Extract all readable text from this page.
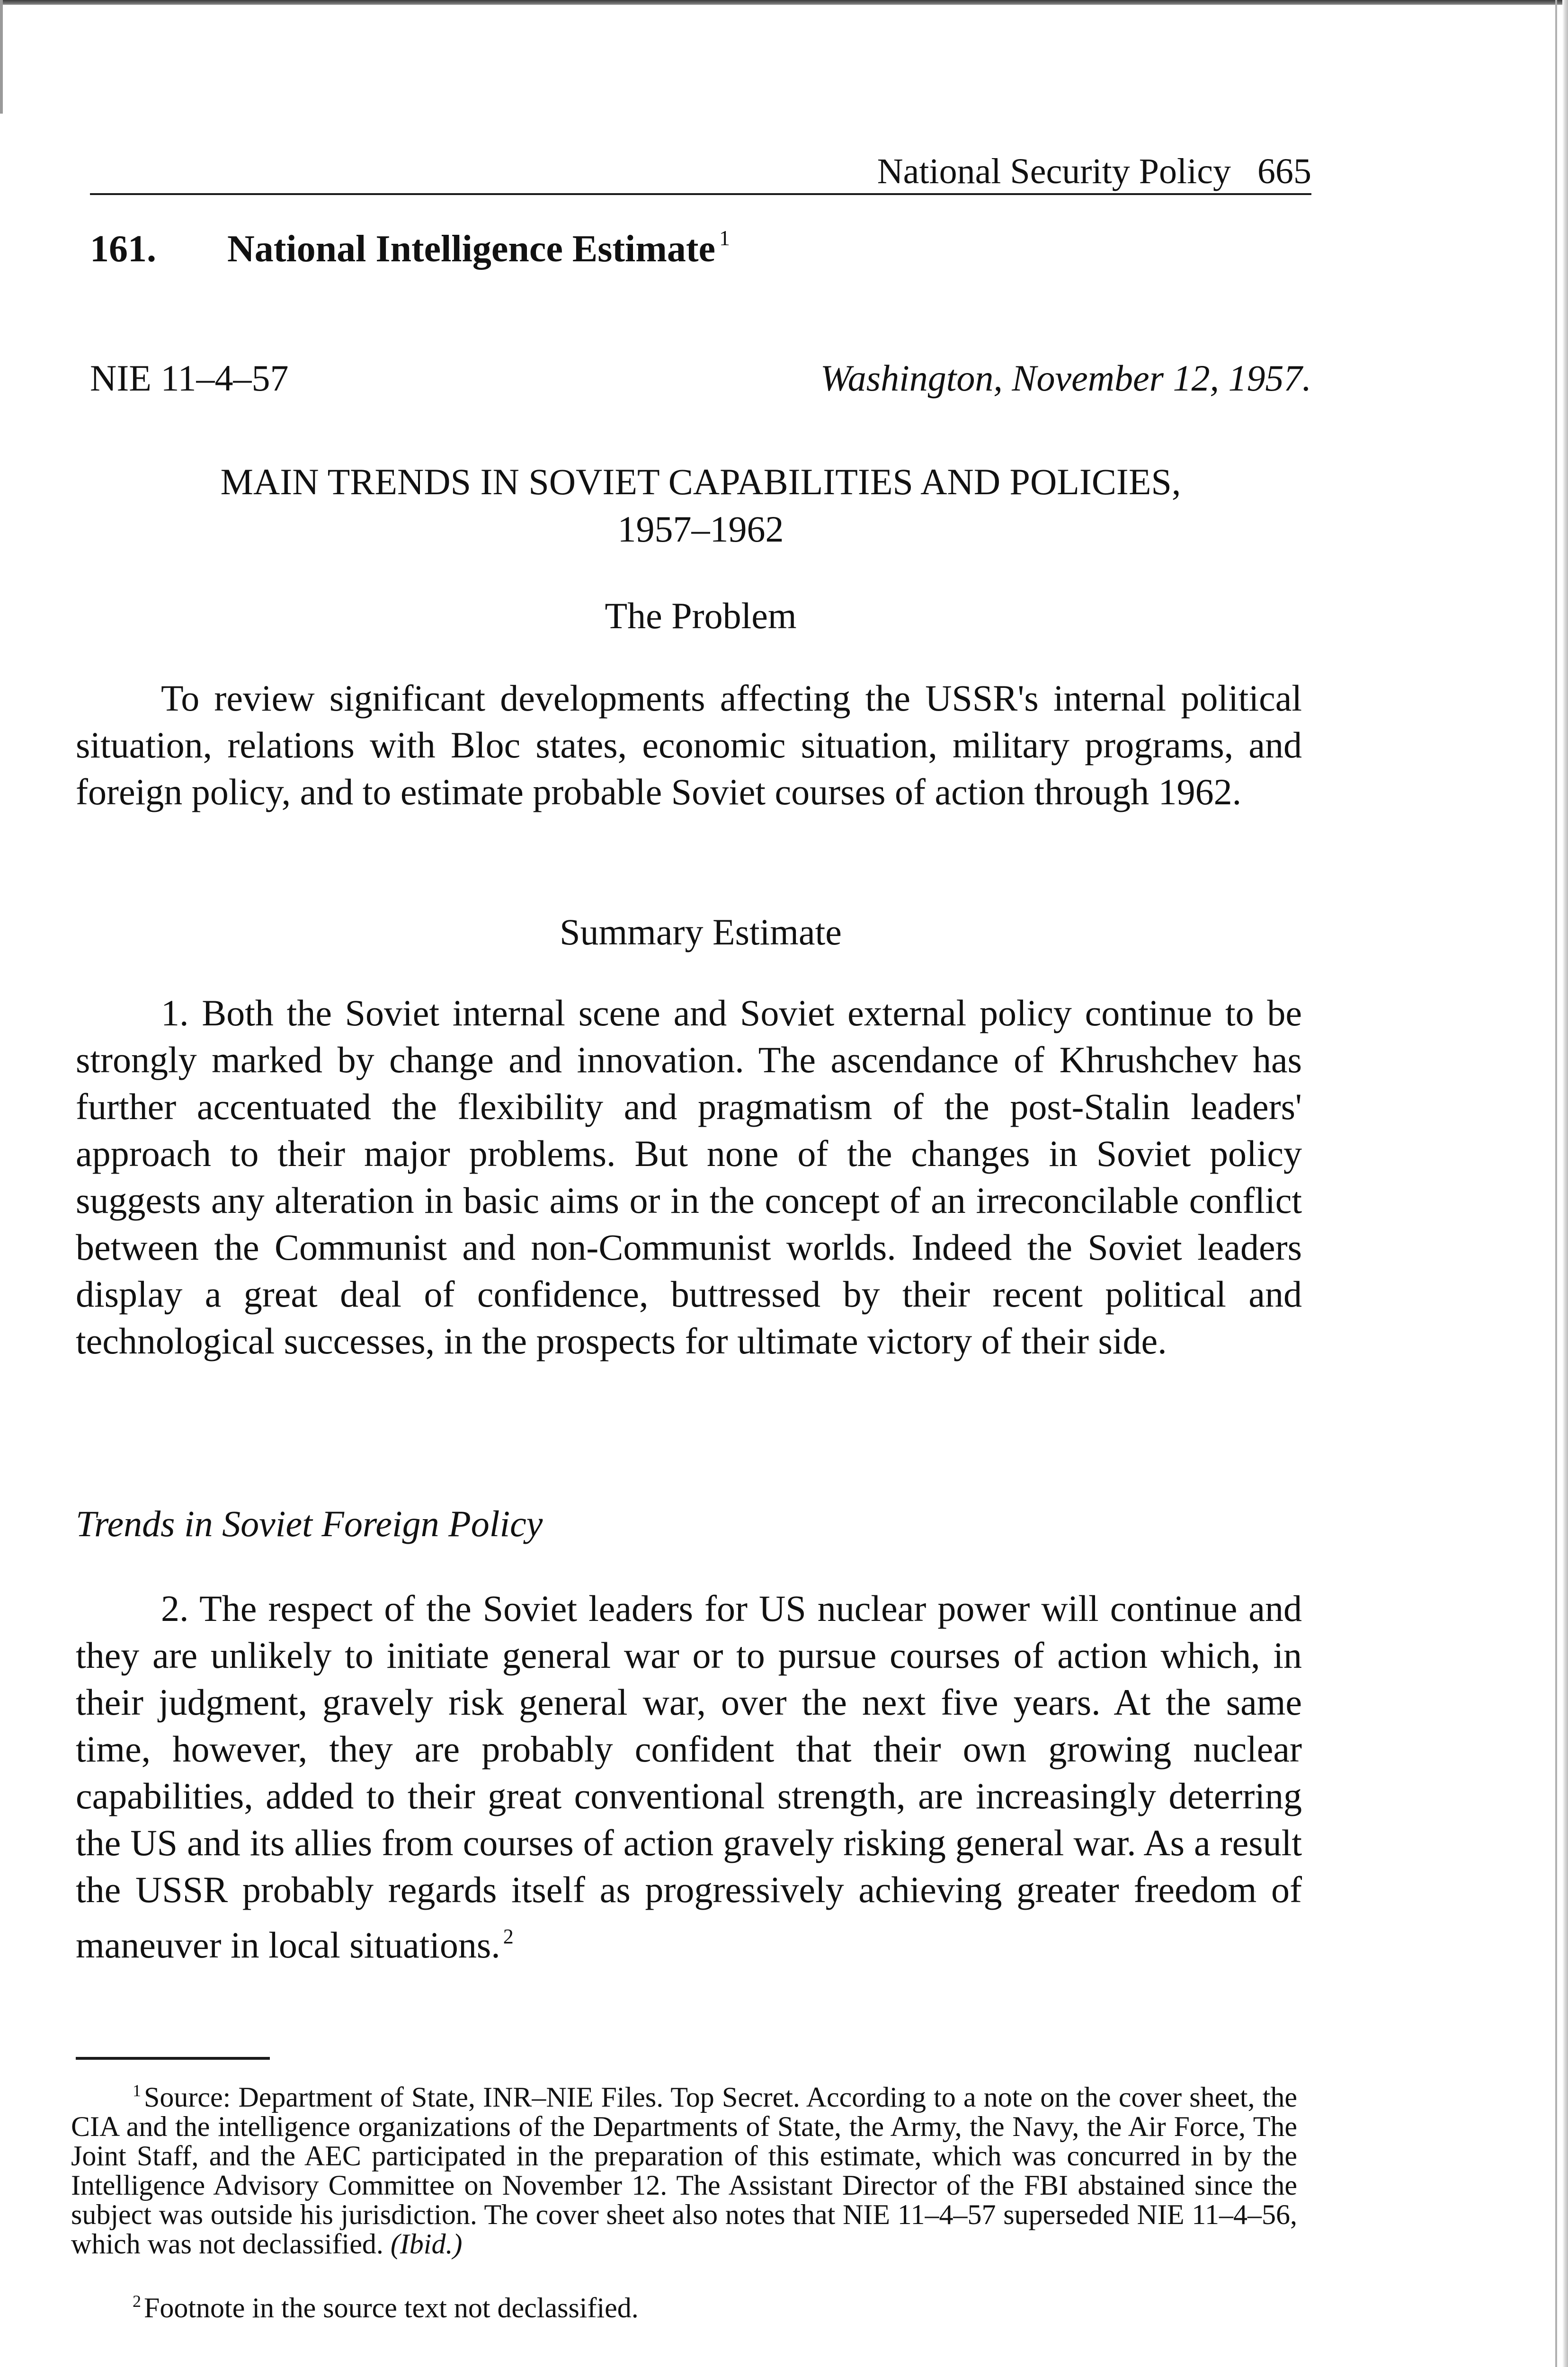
National Security Policy 665
161. National Intelligence Estimate $^1$
NIE 11–4–57	Washington, November 12, 1957.
MAIN TRENDS IN SOVIET CAPABILITIES AND POLICIES,
1957–1962
The Problem

To review significant developments affecting the USSR's internal political situation, relations with Bloc states, economic situation, military programs, and foreign policy, and to estimate probable Soviet courses of action through 1962.

Summary Estimate

1. Both the Soviet internal scene and Soviet external policy continue to be strongly marked by change and innovation. The ascendance of Khrushchev has further accentuated the flexibility and pragmatism of the post-Stalin leaders' approach to their major problems. But none of the changes in Soviet policy suggests any alteration in basic aims or in the concept of an irreconcilable conflict between the Communist and non-Communist worlds. Indeed the Soviet leaders display a great deal of confidence, buttressed by their recent political and technological successes, in the prospects for ultimate victory of their side.

Trends in Soviet Foreign Policy

2. The respect of the Soviet leaders for US nuclear power will continue and they are unlikely to initiate general war or to pursue courses of action which, in their judgment, gravely risk general war, over the next five years. At the same time, however, they are probably confident that their own growing nuclear capabilities, added to their great conventional strength, are increasingly deterring the US and its allies from courses of action gravely risking general war. As a result the USSR probably regards itself as progressively achieving greater freedom of maneuver in local situations. $^2$

$^1$ Source: Department of State, INR–NIE Files. Top Secret. According to a note on the cover sheet, the CIA and the intelligence organizations of the Departments of State, the Army, the Navy, the Air Force, The Joint Staff, and the AEC participated in the preparation of this estimate, which was concurred in by the Intelligence Advisory Committee on November 12. The Assistant Director of the FBI abstained since the subject was outside his jurisdiction. The cover sheet also notes that NIE 11–4–57 superseded NIE 11–4–56, which was not declassified. (Ibid.)

$^2$ Footnote in the source text not declassified.
